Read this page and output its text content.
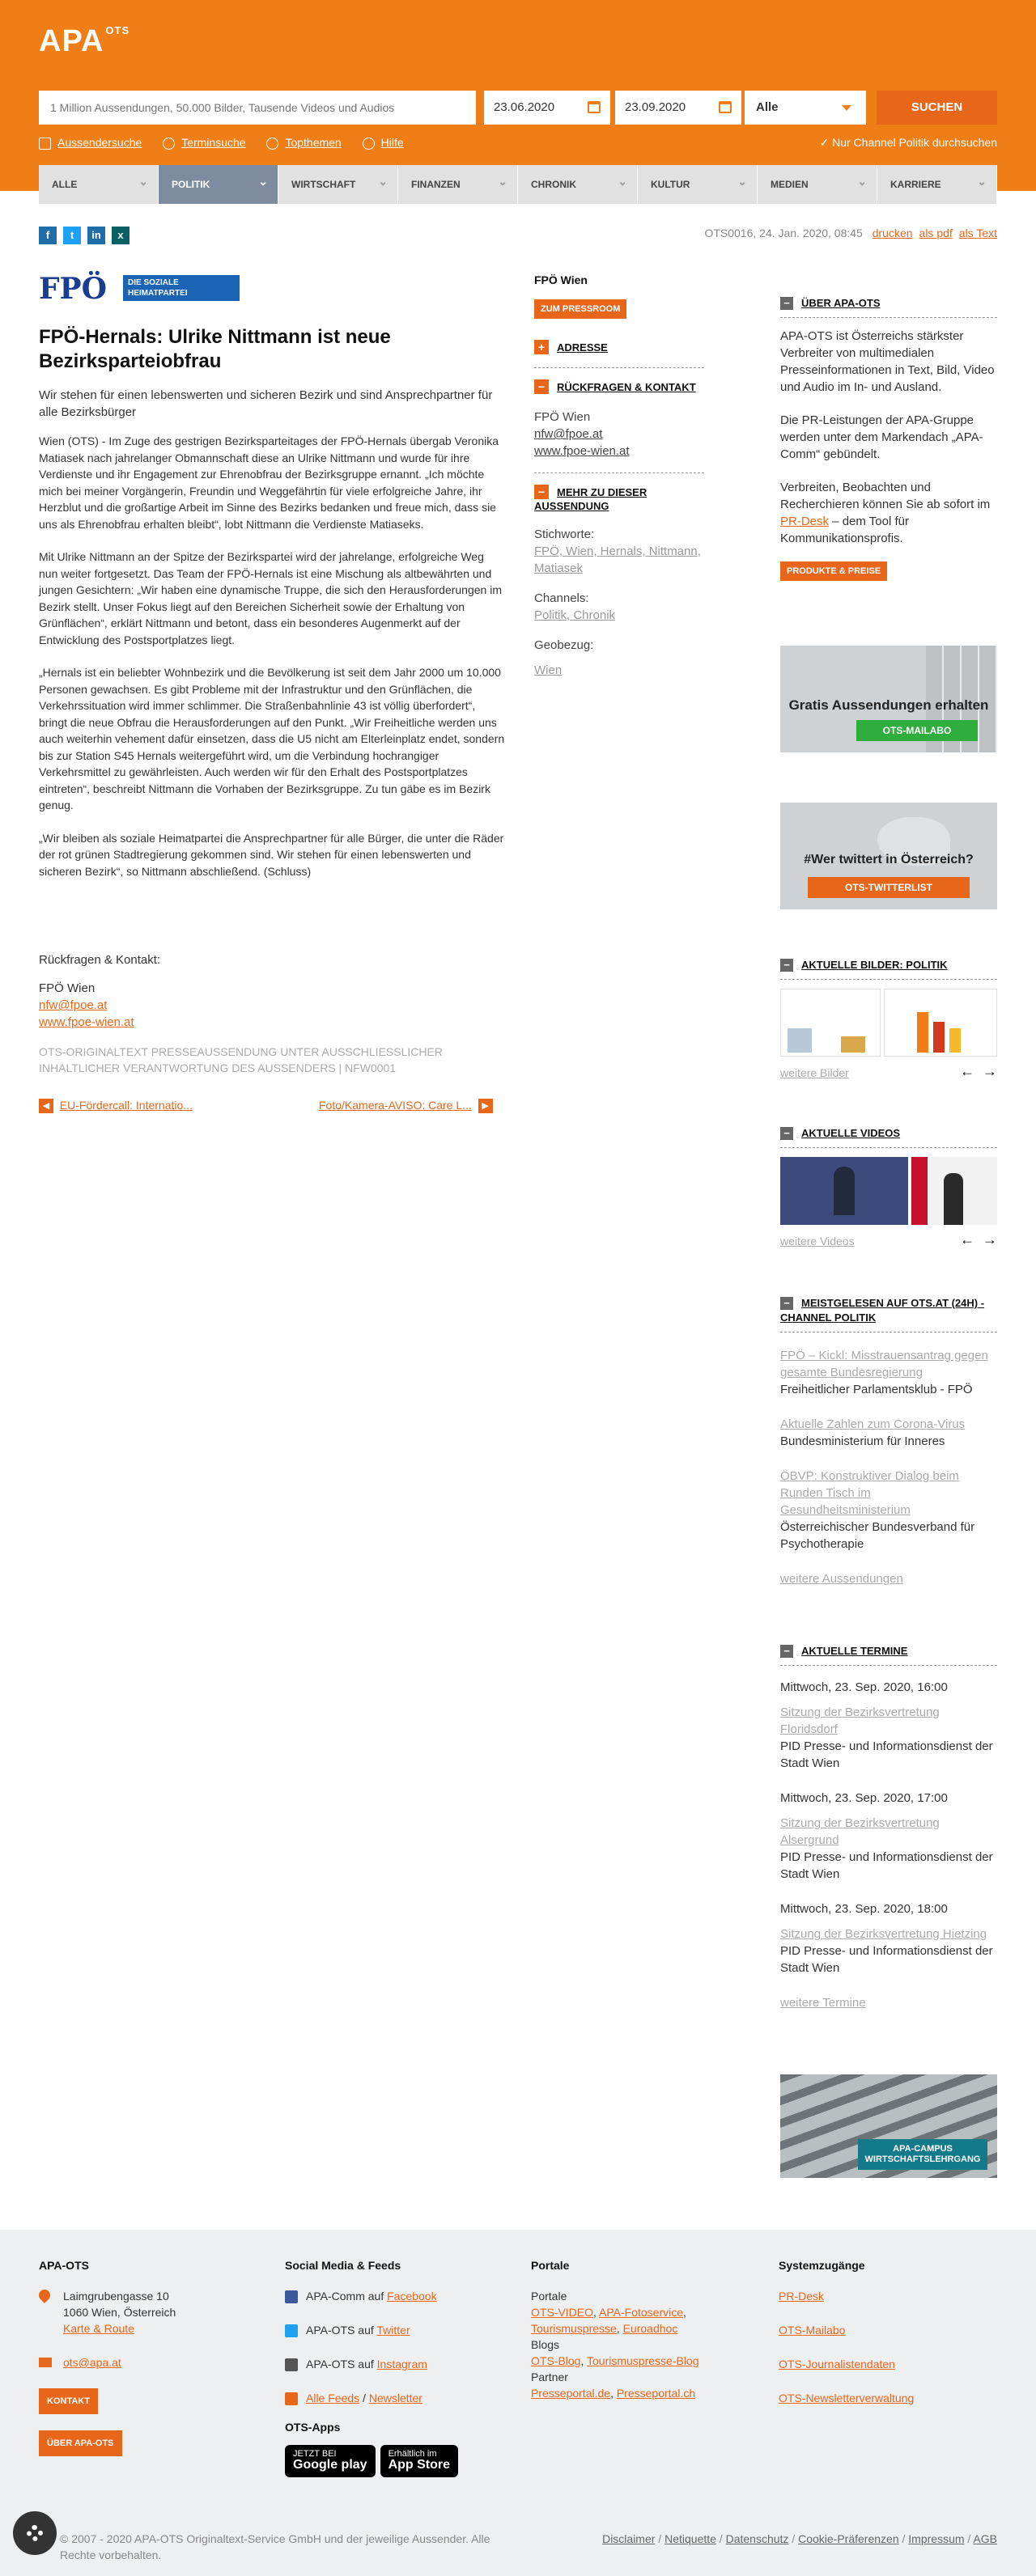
APA $^{OTS}$
1 Million Aussendungen, 50.000 Bilder, Tausende Videos und Audios
23.06.2020	23.09.2020	Alle	SUCHEN
Aussendersuche	Terminsuche	Topthemen	Hilfe	✓ Nur Channel Politik durchsuchen
ALLE ⌄	POLITIK ⌄	WIRTSCHAFT ⌄	FINANZEN ⌄	CHRONIK ⌄	KULTUR ⌄	MEDIEN ⌄	KARRIERE ⌄
f	t	in	x	OTS0016, 24. Jan. 2020, 08:45 drucken als pdf als Text
FPÖ	DIE SOZIALE HEIMATPARTEI
FPÖ-Hernals: Ulrike Nittmann ist neue Bezirksparteiobfrau
Wir stehen für einen lebenswerten und sicheren Bezirk und sind Ansprechpartner für alle Bezirksbürger

Wien (OTS) - Im Zuge des gestrigen Bezirksparteitages der FPÖ-Hernals übergab Veronika Matiasek nach jahrelanger Obmannschaft diese an Ulrike Nittmann und wurde für ihre Verdienste und ihr Engagement zur Ehrenobfrau der Bezirksgruppe ernannt. „Ich möchte mich bei meiner Vorgängerin, Freundin und Weggefährtin für viele erfolgreiche Jahre, ihr Herzblut und die großartige Arbeit im Sinne des Bezirks bedanken und freue mich, dass sie uns als Ehrenobfrau erhalten bleibt“, lobt Nittmann die Verdienste Matiaseks.

Mit Ulrike Nittmann an der Spitze der Bezirkspartei wird der jahrelange, erfolgreiche Weg nun weiter fortgesetzt. Das Team der FPÖ-Hernals ist eine Mischung als altbewährten und jungen Gesichtern: „Wir haben eine dynamische Truppe, die sich den Herausforderungen im Bezirk stellt. Unser Fokus liegt auf den Bereichen Sicherheit sowie der Erhaltung von Grünflächen“, erklärt Nittmann und betont, dass ein besonderes Augenmerkt auf der Entwicklung des Postsportplatzes liegt.

„Hernals ist ein beliebter Wohnbezirk und die Bevölkerung ist seit dem Jahr 2000 um 10.000 Personen gewachsen. Es gibt Probleme mit der Infrastruktur und den Grünflächen, die Verkehrssituation wird immer schlimmer. Die Straßenbahnlinie 43 ist völlig überfordert“, bringt die neue Obfrau die Herausforderungen auf den Punkt. „Wir Freiheitliche werden uns auch weiterhin vehement dafür einsetzen, dass die U5 nicht am Elterleinplatz endet, sondern bis zur Station S45 Hernals weitergeführt wird, um die Verbindung hochrangiger Verkehrsmittel zu gewährleisten. Auch werden wir für den Erhalt des Postsportplatzes eintreten“, beschreibt Nittmann die Vorhaben der Bezirksgruppe. Zu tun gäbe es im Bezirk genug.

„Wir bleiben als soziale Heimatpartei die Ansprechpartner für alle Bürger, die unter die Räder der rot grünen Stadtregierung gekommen sind. Wir stehen für einen lebenswerten und sicheren Bezirk“, so Nittmann abschließend. (Schluss)

Rückfragen & Kontakt:
FPÖ Wien
nfw@fpoe.at
www.fpoe-wien.at
OTS-ORIGINALTEXT PRESSEAUSSENDUNG UNTER AUSSCHLIESSLICHER INHALTLICHER VERANTWORTUNG DES AUSSENDERS | NFW0001
◀ EU-Fördercall: Internatio...	Foto/Kamera-AVISO: Care L... ▶
FPÖ Wien
ZUM PRESSROOM
+ ADRESSE
− RÜCKFRAGEN & KONTAKT
FPÖ Wien
nfw@fpoe.at
www.fpoe-wien.at
− MEHR ZU DIESER AUSSENDUNG
Stichworte:
FPÖ, Wien, Hernals, Nittmann, Matiasek
Channels:
Politik, Chronik
Geobezug:
Wien
− ÜBER APA-OTS

APA-OTS ist Österreichs stärkster Verbreiter von multimedialen Presseinformationen in Text, Bild, Video und Audio im In- und Ausland.

Die PR-Leistungen der APA-Gruppe werden unter dem Markendach „APA-Comm“ gebündelt.

Verbreiten, Beobachten und Recherchieren können Sie ab sofort im PR-Desk – dem Tool für Kommunikationsprofis.

PRODUKTE & PREISE
Gratis Aussendungen erhalten
OTS-MAILABO
#Wer twittert in Österreich?
OTS-TWITTERLIST
− AKTUELLE BILDER: POLITIK
weitere Bilder	← →
− AKTUELLE VIDEOS
weitere Videos	← →
− MEISTGELESEN AUF OTS.AT (24H) - CHANNEL POLITIK
FPÖ – Kickl: Misstrauensantrag gegen gesamte Bundesregierung
Freiheitlicher Parlamentsklub - FPÖ
Aktuelle Zahlen zum Corona-Virus
Bundesministerium für Inneres
ÖBVP: Konstruktiver Dialog beim Runden Tisch im Gesundheitsministerium
Österreichischer Bundesverband für Psychotherapie
weitere Aussendungen
− AKTUELLE TERMINE
Mittwoch, 23. Sep. 2020, 16:00

Sitzung der Bezirksvertretung Floridsdorf
PID Presse- und Informationsdienst der Stadt Wien
Mittwoch, 23. Sep. 2020, 17:00

Sitzung der Bezirksvertretung Alsergrund
PID Presse- und Informationsdienst der Stadt Wien
Mittwoch, 23. Sep. 2020, 18:00

Sitzung der Bezirksvertretung Hietzing
PID Presse- und Informationsdienst der Stadt Wien
weitere Termine
APA-CAMPUS WIRTSCHAFTSLEHRGANG
APA-OTS
Laimgrubengasse 10
1060 Wien, Österreich
Karte & Route
ots@apa.at
KONTAKT
ÜBER APA-OTS
Social Media & Feeds
APA-Comm auf Facebook
APA-OTS auf Twitter
APA-OTS auf Instagram
Alle Feeds / Newsletter
OTS-Apps
JETZT BEI
Google playErhältlich im
App Store
Portale
Portale
OTS-VIDEO, APA-Fotoservice,
Tourismuspresse, Euroadhoc
Blogs
OTS-Blog, Tourismuspresse-Blog
Partner
Presseportal.de, Presseportal.ch
Systemzugänge
PR-Desk
OTS-Mailabo
OTS-Journalistendaten
OTS-Newsletterverwaltung
© 2007 - 2020 APA-OTS Originaltext-Service GmbH und der jeweilige Aussender. Alle Rechte vorbehalten.
Disclaimer / Netiquette / Datenschutz / Cookie-Präferenzen / Impressum / AGB
